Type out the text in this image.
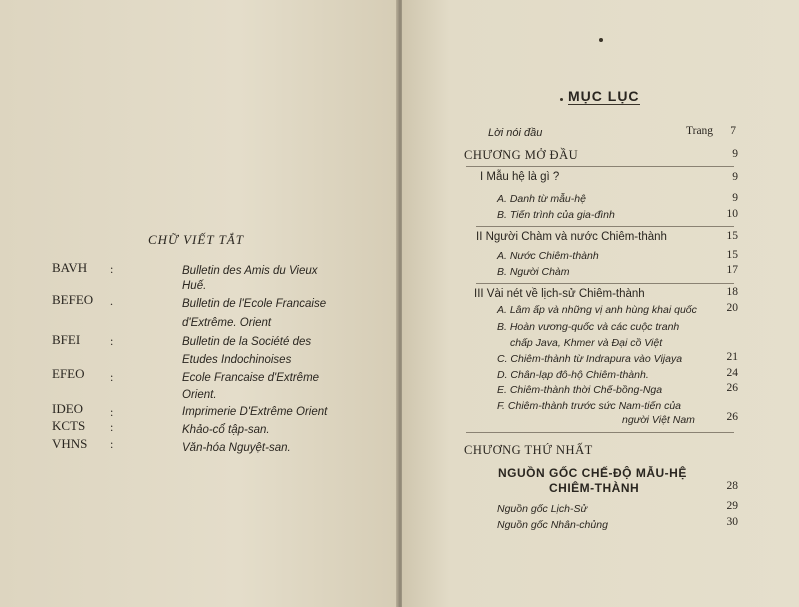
CHỮ VIẾT TẮT
BAVH :	Bulletin des Amis du Vieux
Huế.
BEFEO .	Bulletin de l'Ecole Francaise
d'Extrême. Orient
BFEI :	Bulletin de la Société des
Etudes Indochinoises
EFEO :	Ecole Francaise d'Extrême
Orient.
IDEO :	Imprimerie D'Extrême Orient
KCTS :	Khảo-cổ tập-san.
VHNS :	Văn-hóa Nguyệt-san.
MỤC LỤC
Lời nói đầu	Trang	7
CHƯƠNG MỞ ĐẦU	9
I Mẫu hệ là gì ?	9
A. Danh từ mẫu-hệ	9
B. Tiến trình của gia-đình	10
II Người Chàm và nước Chiêm-thành	15
A. Nước Chiêm-thành	15
B. Người Chàm	17
III Vài nét về lịch-sử Chiêm-thành	18
A. Lâm ấp và những vị anh hùng khai quốc	20
B. Hoàn vương-quốc và các cuộc tranh
chấp Java, Khmer và Đại cồ Việt
C. Chiêm-thành từ Indrapura vào Vijaya	21
D. Chân-lạp đô-hộ Chiêm-thành.	24
E. Chiêm-thành thời Chế-bồng-Nga	26
F. Chiêm-thành trước sức Nam-tiến của
người Việt Nam	26
CHƯƠNG THỨ NHẤT
NGUỒN GỐC CHẾ-ĐỘ MẪU-HỆ
CHIÊM-THÀNH	28
Nguồn gốc Lịch-Sử	29
Nguồn gốc Nhân-chủng	30
